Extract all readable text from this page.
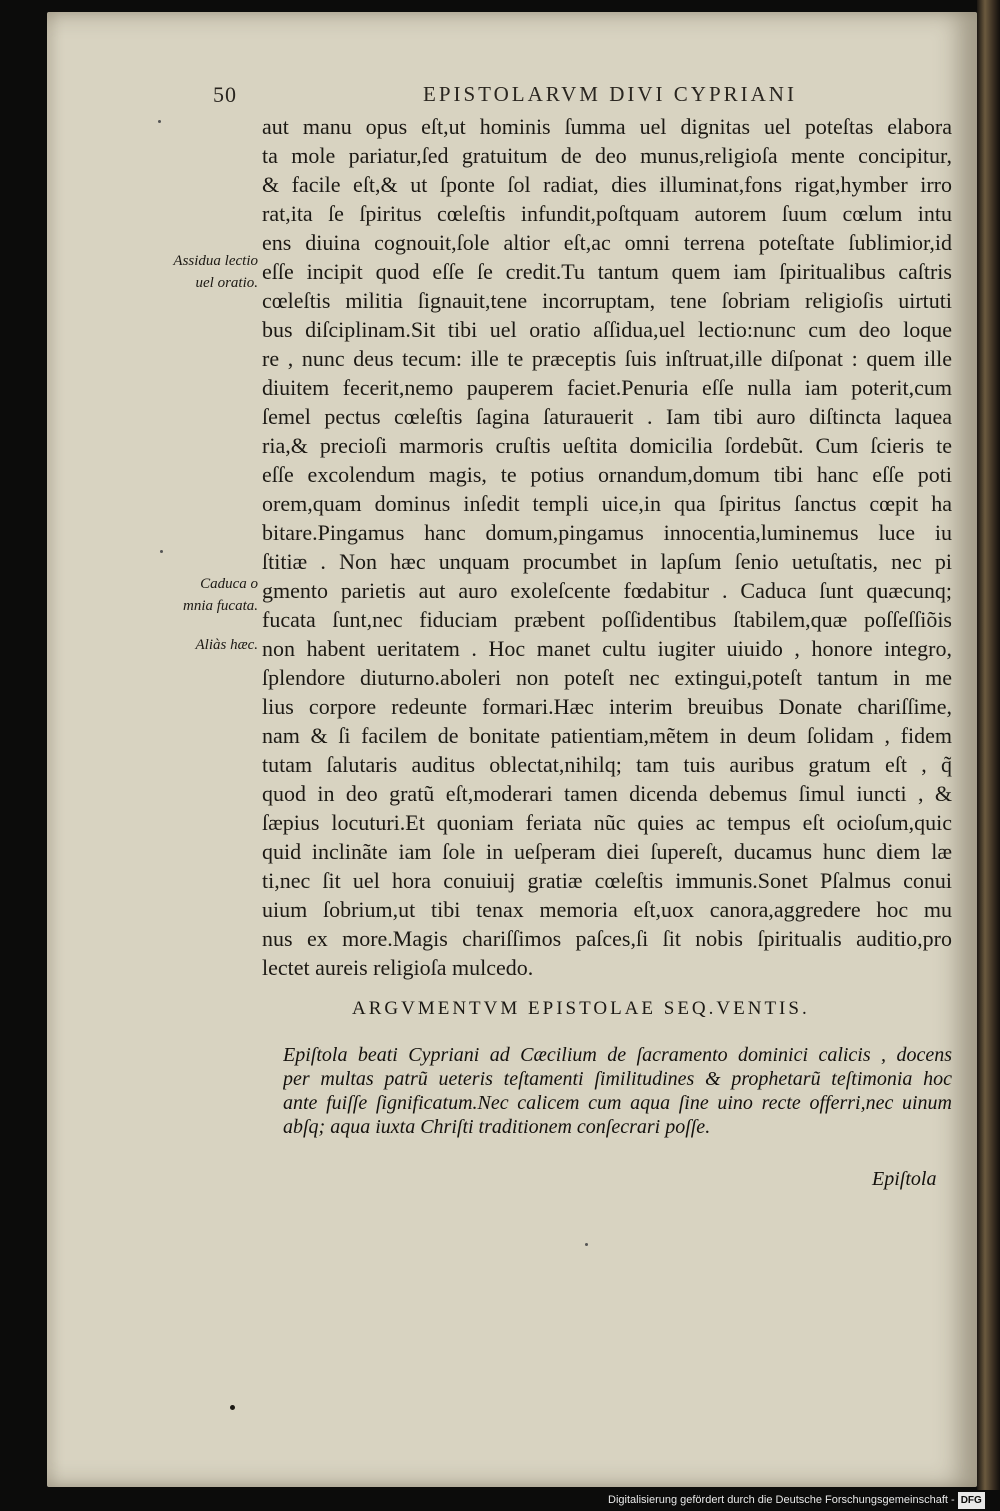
50	EPISTOLARVM DIVI CYPRIANI
Assidua lectio
uel oratio.
Caduca o
mnia fucata.
Aliàs hæc.
aut manu opus eſt,ut hominis ſumma uel dignitas uel poteſtas elabora
ta mole pariatur,ſed gratuitum de deo munus,religioſa mente concipitur,
& facile eſt,& ut ſponte ſol radiat, dies illuminat,fons rigat,hymber irro
rat,ita ſe ſpiritus cœleſtis infundit,poſtquam autorem ſuum cœlum intu
ens diuina cognouit,ſole altior eſt,ac omni terrena poteſtate ſublimior,id
eſſe incipit quod eſſe ſe credit.Tu tantum quem iam ſpiritualibus caſtris
cœleſtis militia ſignauit,tene incorruptam, tene ſobriam religioſis uirtuti
bus diſciplinam.Sit tibi uel oratio aſſidua,uel lectio:nunc cum deo loque
re , nunc deus tecum: ille te præceptis ſuis inſtruat,ille diſponat : quem ille
diuitem fecerit,nemo pauperem faciet.Penuria eſſe nulla iam poterit,cum
ſemel pectus cœleſtis ſagina ſaturauerit . Iam tibi auro diſtincta laquea
ria,& precioſi marmoris cruſtis ueſtita domicilia ſordebũt. Cum ſcieris te
eſſe excolendum magis, te potius ornandum,domum tibi hanc eſſe poti
orem,quam dominus inſedit templi uice,in qua ſpiritus ſanctus cœpit ha
bitare.Pingamus hanc domum,pingamus innocentia,luminemus luce iu
ſtitiæ . Non hæc unquam procumbet in lapſum ſenio uetuſtatis, nec pi
gmento parietis aut auro exoleſcente fœdabitur . Caduca ſunt quæcunq;
fucata ſunt,nec fiduciam præbent poſſidentibus ſtabilem,quæ poſſeſſiõis
non habent ueritatem . Hoc manet cultu iugiter uiuido , honore integro,
ſplendore diuturno.aboleri non poteſt nec extingui,poteſt tantum in me
lius corpore redeunte formari.Hæc interim breuibus Donate chariſſime,
nam & ſi facilem de bonitate patientiam,mẽtem in deum ſolidam , fidem
tutam ſalutaris auditus oblectat,nihilq; tam tuis auribus gratum eſt , q̃
quod in deo gratũ eſt,moderari tamen dicenda debemus ſimul iuncti , &
ſæpius locuturi.Et quoniam feriata nũc quies ac tempus eſt ocioſum,quic
quid inclinãte iam ſole in ueſperam diei ſupereſt, ducamus hunc diem læ
ti,nec ſit uel hora conuiuij gratiæ cœleſtis immunis.Sonet Pſalmus conui
uium ſobrium,ut tibi tenax memoria eſt,uox canora,aggredere hoc mu
nus ex more.Magis chariſſimos paſces,ſi ſit nobis ſpiritualis auditio,pro
lectet aureis religioſa mulcedo.
ARGVMENTVM EPISTOLAE SEQ.VENTIS.
Epiſtola beati Cypriani ad Cæcilium de ſacramento dominici calicis , docens
per multas patrũ ueteris teſtamenti ſimilitudines & prophetarũ teſtimonia hoc
ante fuiſſe ſignificatum.Nec calicem cum aqua ſine uino recte offerri,nec uinum
abſq; aqua iuxta Chriſti traditionem conſecrari poſſe.
Epiſtola
Digitalisierung gefördert durch die Deutsche Forschungsgemeinschaft - DFG
